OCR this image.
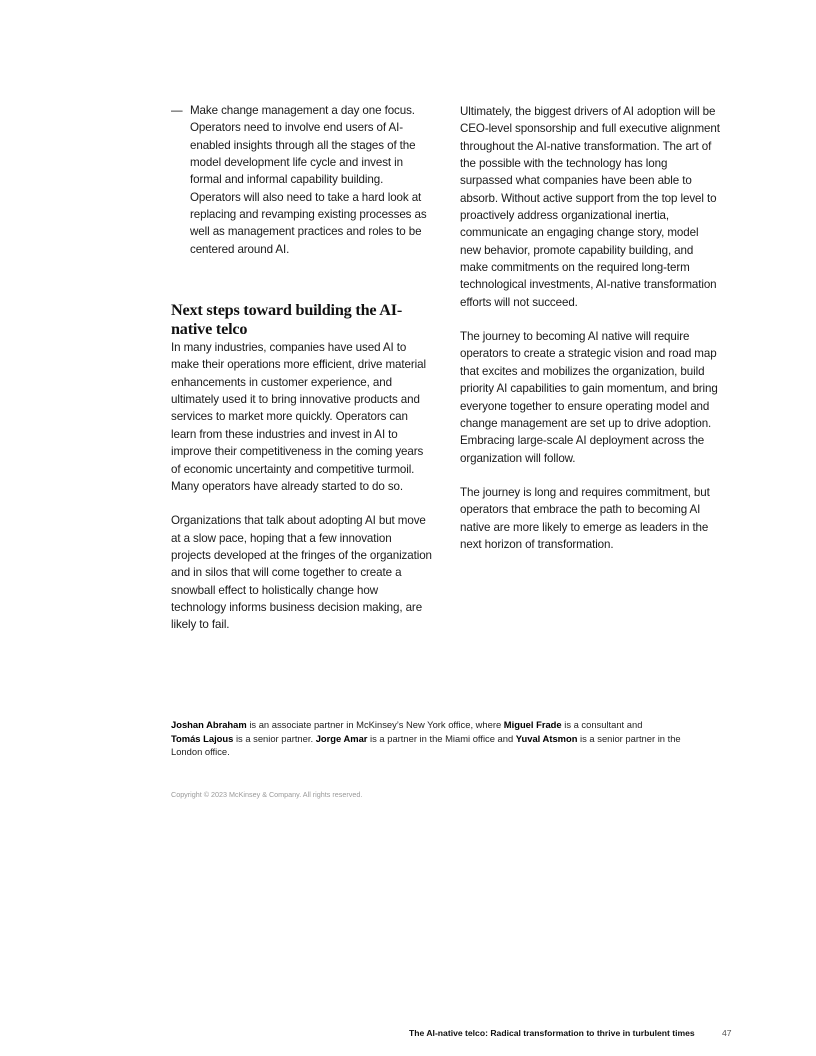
— Make change management a day one focus. Operators need to involve end users of AI-enabled insights through all the stages of the model development life cycle and invest in formal and informal capability building. Operators will also need to take a hard look at replacing and revamping existing processes as well as management practices and roles to be centered around AI.

Next steps toward building the AI-native telco

In many industries, companies have used AI to make their operations more efficient, drive material enhancements in customer experience, and ultimately used it to bring innovative products and services to market more quickly. Operators can learn from these industries and invest in AI to improve their competitiveness in the coming years of economic uncertainty and competitive turmoil. Many operators have already started to do so.

Organizations that talk about adopting AI but move at a slow pace, hoping that a few innovation projects developed at the fringes of the organization and in silos that will come together to create a snowball effect to holistically change how technology informs business decision making, are likely to fail.

Ultimately, the biggest drivers of AI adoption will be CEO-level sponsorship and full executive alignment throughout the AI-native transformation. The art of the possible with the technology has long surpassed what companies have been able to absorb. Without active support from the top level to proactively address organizational inertia, communicate an engaging change story, model new behavior, promote capability building, and make commitments on the required long-term technological investments, AI-native transformation efforts will not succeed.

The journey to becoming AI native will require operators to create a strategic vision and road map that excites and mobilizes the organization, build priority AI capabilities to gain momentum, and bring everyone together to ensure operating model and change management are set up to drive adoption. Embracing large-scale AI deployment across the organization will follow.

The journey is long and requires commitment, but operators that embrace the path to becoming AI native are more likely to emerge as leaders in the next horizon of transformation.

Joshan Abraham is an associate partner in McKinsey’s New York office, where Miguel Frade is a consultant and
Tomás Lajous is a senior partner. Jorge Amar is a partner in the Miami office and Yuval Atsmon is a senior partner in the London office.
Copyright © 2023 McKinsey & Company. All rights reserved.
The AI-native telco: Radical transformation to thrive in turbulent times	47
